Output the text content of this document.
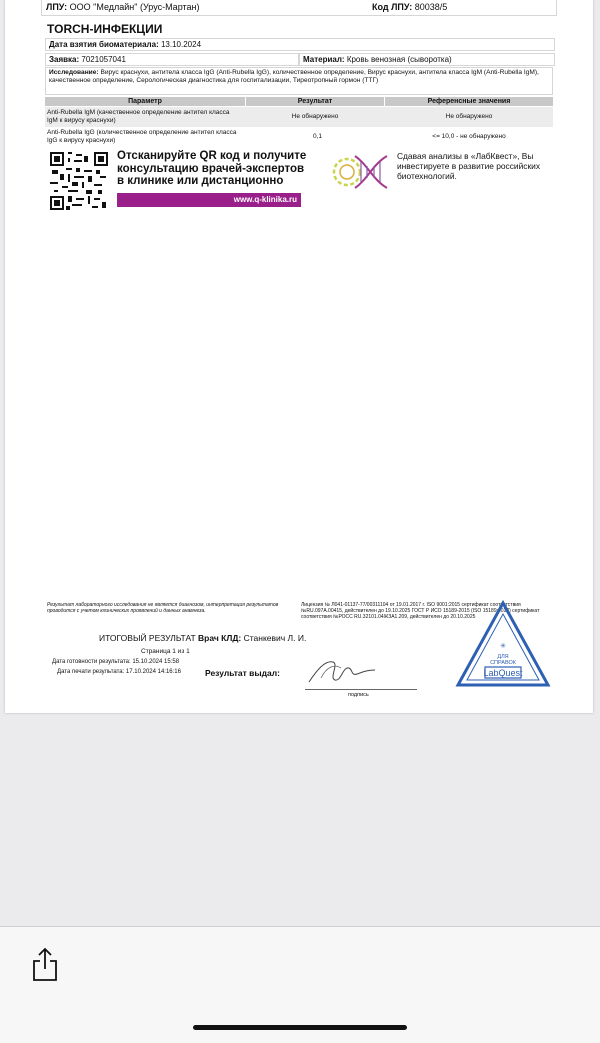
ЛПУ: ООО "Медлайн" (Урус-Мартан)	Код ЛПУ: 80038/5
TORCH-ИНФЕКЦИИ
Дата взятия биоматериала: 13.10.2024
Заявка: 7021057041	Материал: Кровь венозная (сыворотка)
Исследование: Вирус краснухи, антитела класса IgG (Anti-Rubella IgG), количественное определение, Вирус краснухи, антитела класса IgM (Anti-Rubella IgM), качественное определение, Серологическая диагностика для госпитализации, Тиреотропный гормон (ТТГ)
Параметр	Результат	Референсные значения
Anti-Rubella IgM (качественное определение антител класса IgM к вирусу краснухи)	Не обнаружено	Не обнаружено
Anti-Rubella IgG (количественное определение антител класса IgG к вирусу краснухи)	0,1	<= 10,0 - не обнаружено
Отсканируйте QR код и получите консультацию врачей-экспертов в клинике или дистанционно
www.q-klinika.ru
Сдавая анализы в «ЛабКвест», Вы инвестируете в развитие российских биотехнологий.
Результат лабораторного исследования не является диагнозом, интерпретация результатов проводится с учетом клинических проявлений и данных анамнеза.
Лицензия № Л041-01137-77/00311104 от 19.01.2017 г. ISO 9001:2015 сертификат соответствия №RU.097А.00415, действителен до 19.10.2025 ГОСТ Р ИСО 15189-2015 (ISO 15189:2012) сертификат соответствия №РОСС RU.32101.04ЖЗА1.209, действителен до 20.10.2025
ИТОГОВЫЙ РЕЗУЛЬТАТ Врач КЛД: Станкевич Л. И.
Страница 1 из 1
Дата готовности результата: 15.10.2024 15:58
Дата печати результата: 17.10.2024 14:16:16	Результат выдал:
подпись
LabQuest
ДЛЯ
СПРАВОК
✳
